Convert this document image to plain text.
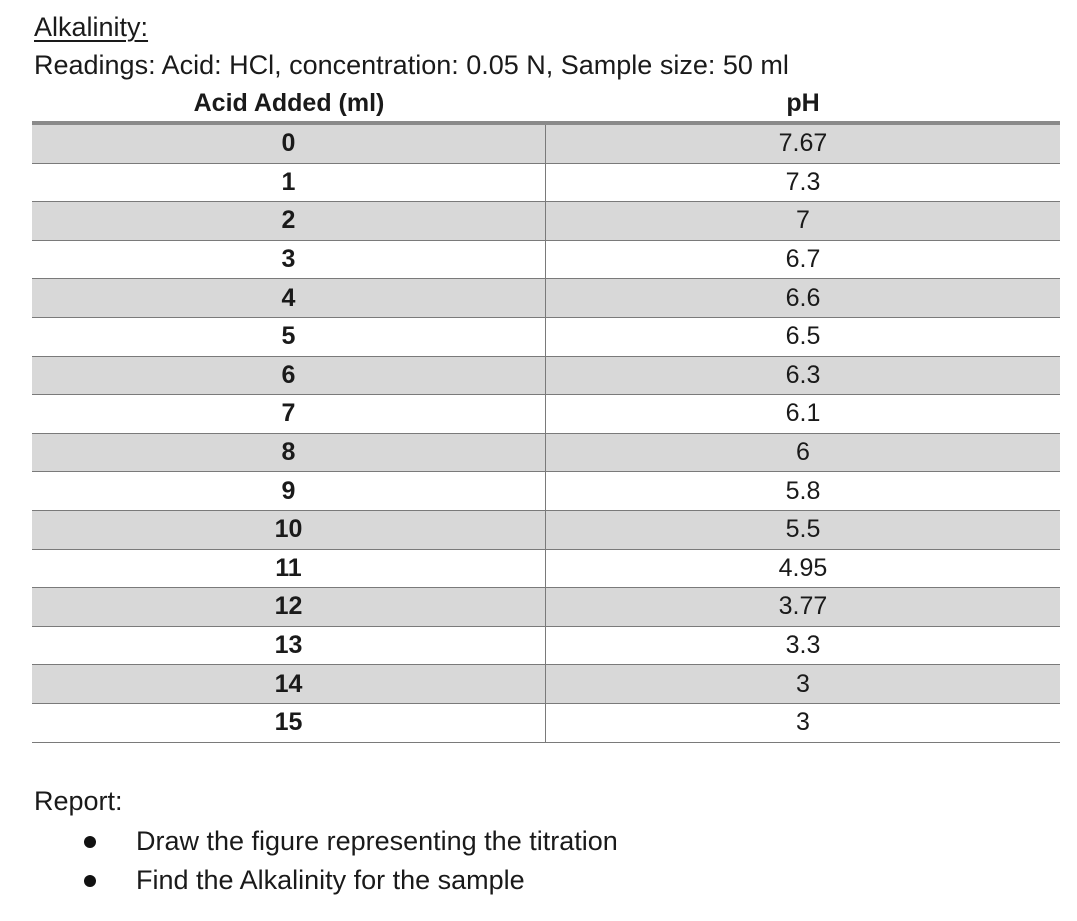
Alkalinity:
Readings: Acid: HCl, concentration: 0.05 N, Sample size: 50 ml
Acid Added (ml)	pH
0	7.67
1	7.3
2	7
3	6.7
4	6.6
5	6.5
6	6.3
7	6.1
8	6
9	5.8
10	5.5
11	4.95
12	3.77
13	3.3
14	3
15	3
Report:
Draw the figure representing the titration
Find the Alkalinity for the sample
